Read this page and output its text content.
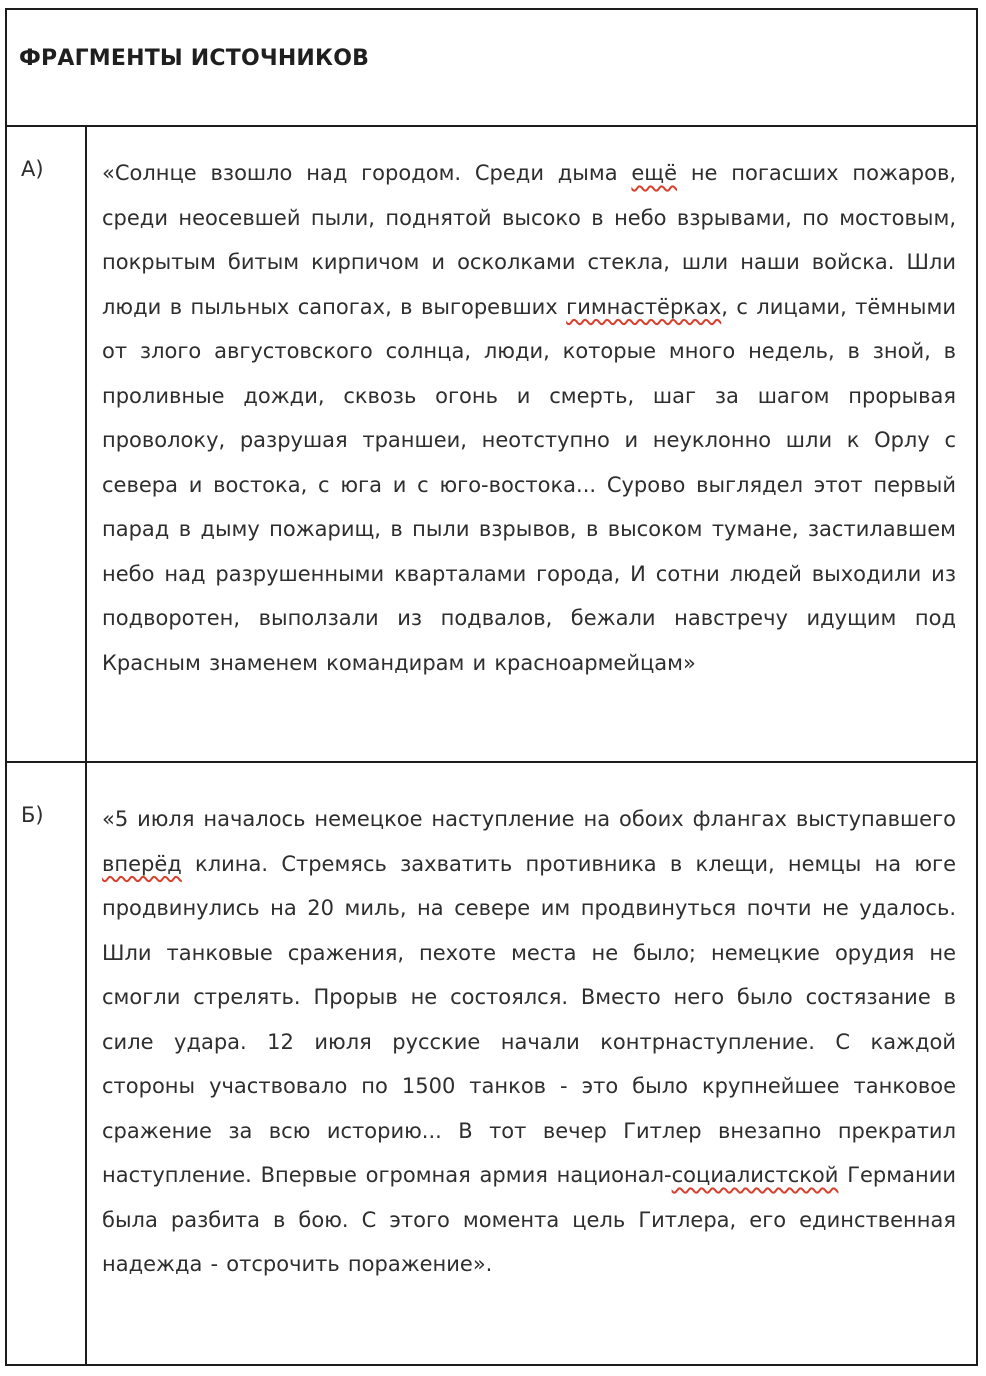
ФРАГМЕНТЫ ИСТОЧНИКОВ
А)	«Солнце взошло над городом. Среди дыма ещё не погасших пожаров, среди неосевшей пыли, поднятой высоко в небо взрывами, по мостовым, покрытым битым кирпичом и осколками стекла, шли наши войска. Шли люди в пыльных сапогах, в выгоревших гимнастёрках, с лицами, тёмными от злого августовского солнца, люди, которые много недель, в зной, в проливные дожди, сквозь огонь и смерть, шаг за шагом прорывая проволоку, разрушая траншеи, неотступно и неуклонно шли к Орлу с севера и востока, с юга и с юго-востока... Сурово выглядел этот первый парад в дыму пожарищ, в пыли взрывов, в высоком тумане, застилавшем небо над разрушенными кварталами города, И сотни людей выходили из подворотен, выползали из подвалов, бежали навстречу идущим под Красным знаменем командирам и красноармейцам»
Б)	«5 июля началось немецкое наступление на обоих флангах выступавшего вперёд клина. Стремясь захватить противника в клещи, немцы на юге продвинулись на 20 миль, на севере им продвинуться почти не удалось. Шли танковые сражения, пехоте места не было; немецкие орудия не смогли стрелять. Прорыв не состоялся. Вместо него было состязание в силе удара. 12 июля русские начали контрнаступление. С каждой стороны участвовало по 1500 танков - это было крупнейшее танковое сражение за всю историю... В тот вечер Гитлер внезапно прекратил наступление. Впервые огромная армия национал-социалистской Германии была разбита в бою. С этого момента цель Гитлера, его единственная надежда - отсрочить поражение».
